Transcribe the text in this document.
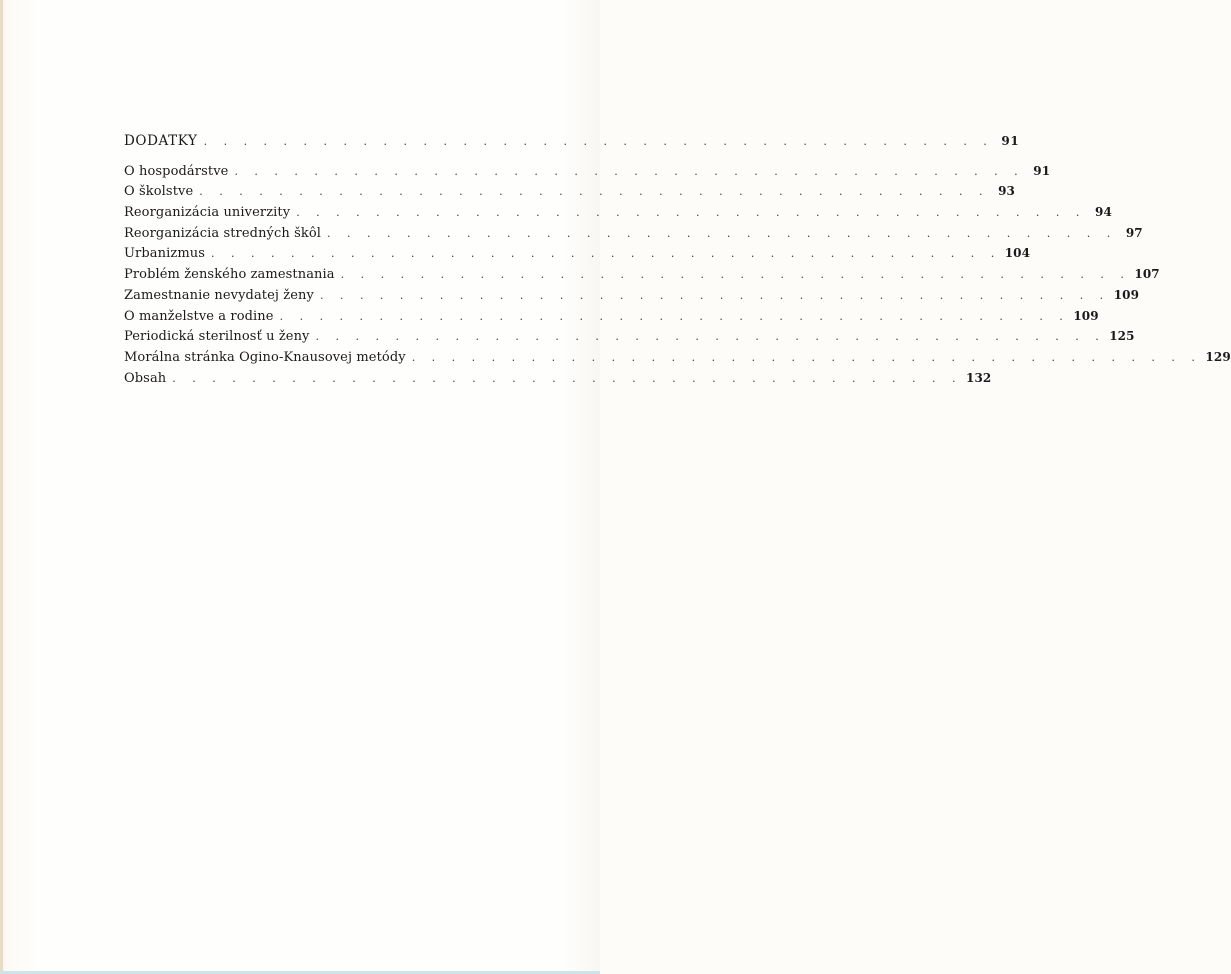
DODATKY . . . . . . . . . . . . . . . . . . . . . . . . . . . . . . . . . . . . . . . . 91
O hospodárstve . . . . . . . . . . . . . . . . . . . . . . . . . . . . . . . . . . . . . . . . 91
O školstve . . . . . . . . . . . . . . . . . . . . . . . . . . . . . . . . . . . . . . . . 93
Reorganizácia univerzity . . . . . . . . . . . . . . . . . . . . . . . . . . . . . . . . . . . . . . . . 94
Reorganizácia stredných škôl . . . . . . . . . . . . . . . . . . . . . . . . . . . . . . . . . . . . . . . . 97
Urbanizmus . . . . . . . . . . . . . . . . . . . . . . . . . . . . . . . . . . . . . . . . 104
Problém ženského zamestnania . . . . . . . . . . . . . . . . . . . . . . . . . . . . . . . . . . . . . . . . 107
Zamestnanie nevydatej ženy . . . . . . . . . . . . . . . . . . . . . . . . . . . . . . . . . . . . . . . . 109
O manželstve a rodine . . . . . . . . . . . . . . . . . . . . . . . . . . . . . . . . . . . . . . . . 109
Periodická sterilnosť u ženy . . . . . . . . . . . . . . . . . . . . . . . . . . . . . . . . . . . . . . . . 125
Morálna stránka Ogino-Knausovej metódy . . . . . . . . . . . . . . . . . . . . . . . . . . . . . . . . . . . . . . . . 129
Obsah . . . . . . . . . . . . . . . . . . . . . . . . . . . . . . . . . . . . . . . . 132
